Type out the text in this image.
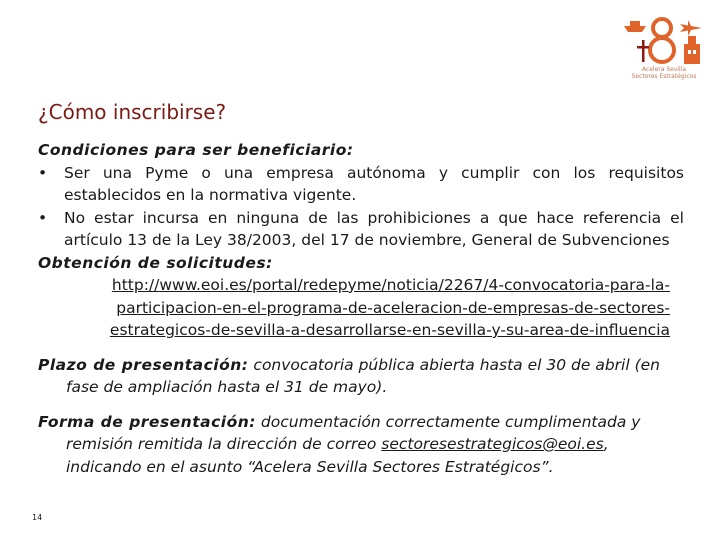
Acelera Sevilla
Sectores Estratégicos
¿Cómo inscribirse?
Condiciones para ser beneficiario:
•	Ser una Pyme o una empresa autónoma y cumplir con los requisitos establecidos en la normativa vigente.
•	No estar incursa en ninguna de las prohibiciones a que hace referencia el artículo 13 de la Ley 38/2003, del 17 de noviembre, General de Subvenciones
Obtención de solicitudes:
http://www.eoi.es/portal/redepyme/noticia/2267/4-convocatoria-para-la-
participacion-en-el-programa-de-aceleracion-de-empresas-de-sectores-
estrategicos-de-sevilla-a-desarrollarse-en-sevilla-y-su-area-de-influencia
Plazo de presentación: convocatoria pública abierta hasta el 30 de abril (en fase de ampliación hasta el 31 de mayo).
Forma de presentación: documentación correctamente cumplimentada y remisión remitida la dirección de correo sectoresestrategicos@eoi.es, indicando en el asunto “Acelera Sevilla Sectores Estratégicos”.
14
